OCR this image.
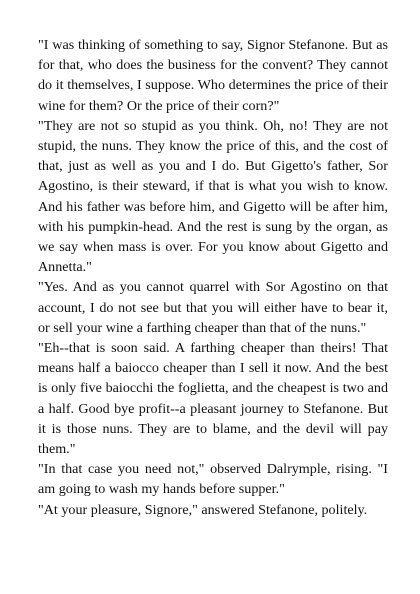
"I was thinking of something to say, Signor Stefanone. But as for that, who does the business for the convent? They cannot do it themselves, I suppose. Who determines the price of their wine for them? Or the price of their corn?"

"They are not so stupid as you think. Oh, no! They are not stupid, the nuns. They know the price of this, and the cost of that, just as well as you and I do. But Gigetto's father, Sor Agostino, is their steward, if that is what you wish to know. And his father was before him, and Gigetto will be after him, with his pumpkin-head. And the rest is sung by the organ, as we say when mass is over. For you know about Gigetto and Annetta."

"Yes. And as you cannot quarrel with Sor Agostino on that account, I do not see but that you will either have to bear it, or sell your wine a farthing cheaper than that of the nuns."

"Eh--that is soon said. A farthing cheaper than theirs! That means half a baiocco cheaper than I sell it now. And the best is only five baiocchi the foglietta, and the cheapest is two and a half. Good bye profit--a pleasant journey to Stefanone. But it is those nuns. They are to blame, and the devil will pay them."

"In that case you need not," observed Dalrymple, rising. "I am going to wash my hands before supper."

"At your pleasure, Signore," answered Stefanone, politely.
